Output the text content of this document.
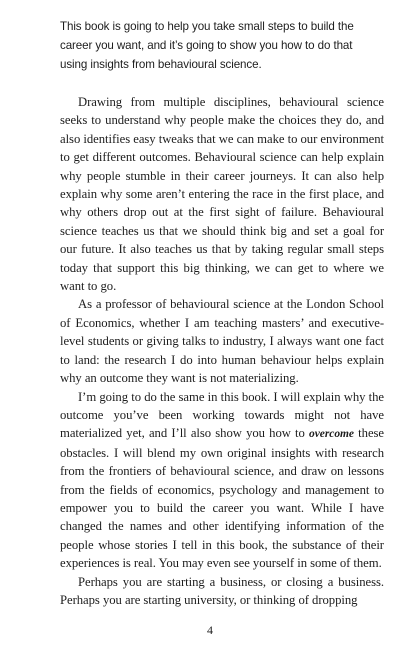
This book is going to help you take small steps to build the career you want, and it’s going to show you how to do that using insights from behavioural science.

Drawing from multiple disciplines, behavioural science seeks to understand why people make the choices they do, and also identifies easy tweaks that we can make to our environment to get different outcomes. Behavioural science can help explain why people stumble in their career journeys. It can also help explain why some aren’t entering the race in the first place, and why others drop out at the first sight of failure. Behavioural science teaches us that we should think big and set a goal for our future. It also teaches us that by taking regular small steps today that support this big thinking, we can get to where we want to go.

As a professor of behavioural science at the London School of Economics, whether I am teaching masters’ and executive-level students or giving talks to industry, I always want one fact to land: the research I do into human behaviour helps explain why an outcome they want is not materializing.

I’m going to do the same in this book. I will explain why the outcome you’ve been working towards might not have materialized yet, and I’ll also show you how to overcome these obstacles. I will blend my own original insights with research from the frontiers of behavioural science, and draw on lessons from the fields of economics, psychology and management to empower you to build the career you want. While I have changed the names and other identifying information of the people whose stories I tell in this book, the substance of their experiences is real. You may even see yourself in some of them.

Perhaps you are starting a business, or closing a business. Perhaps you are starting university, or thinking of dropping

4
